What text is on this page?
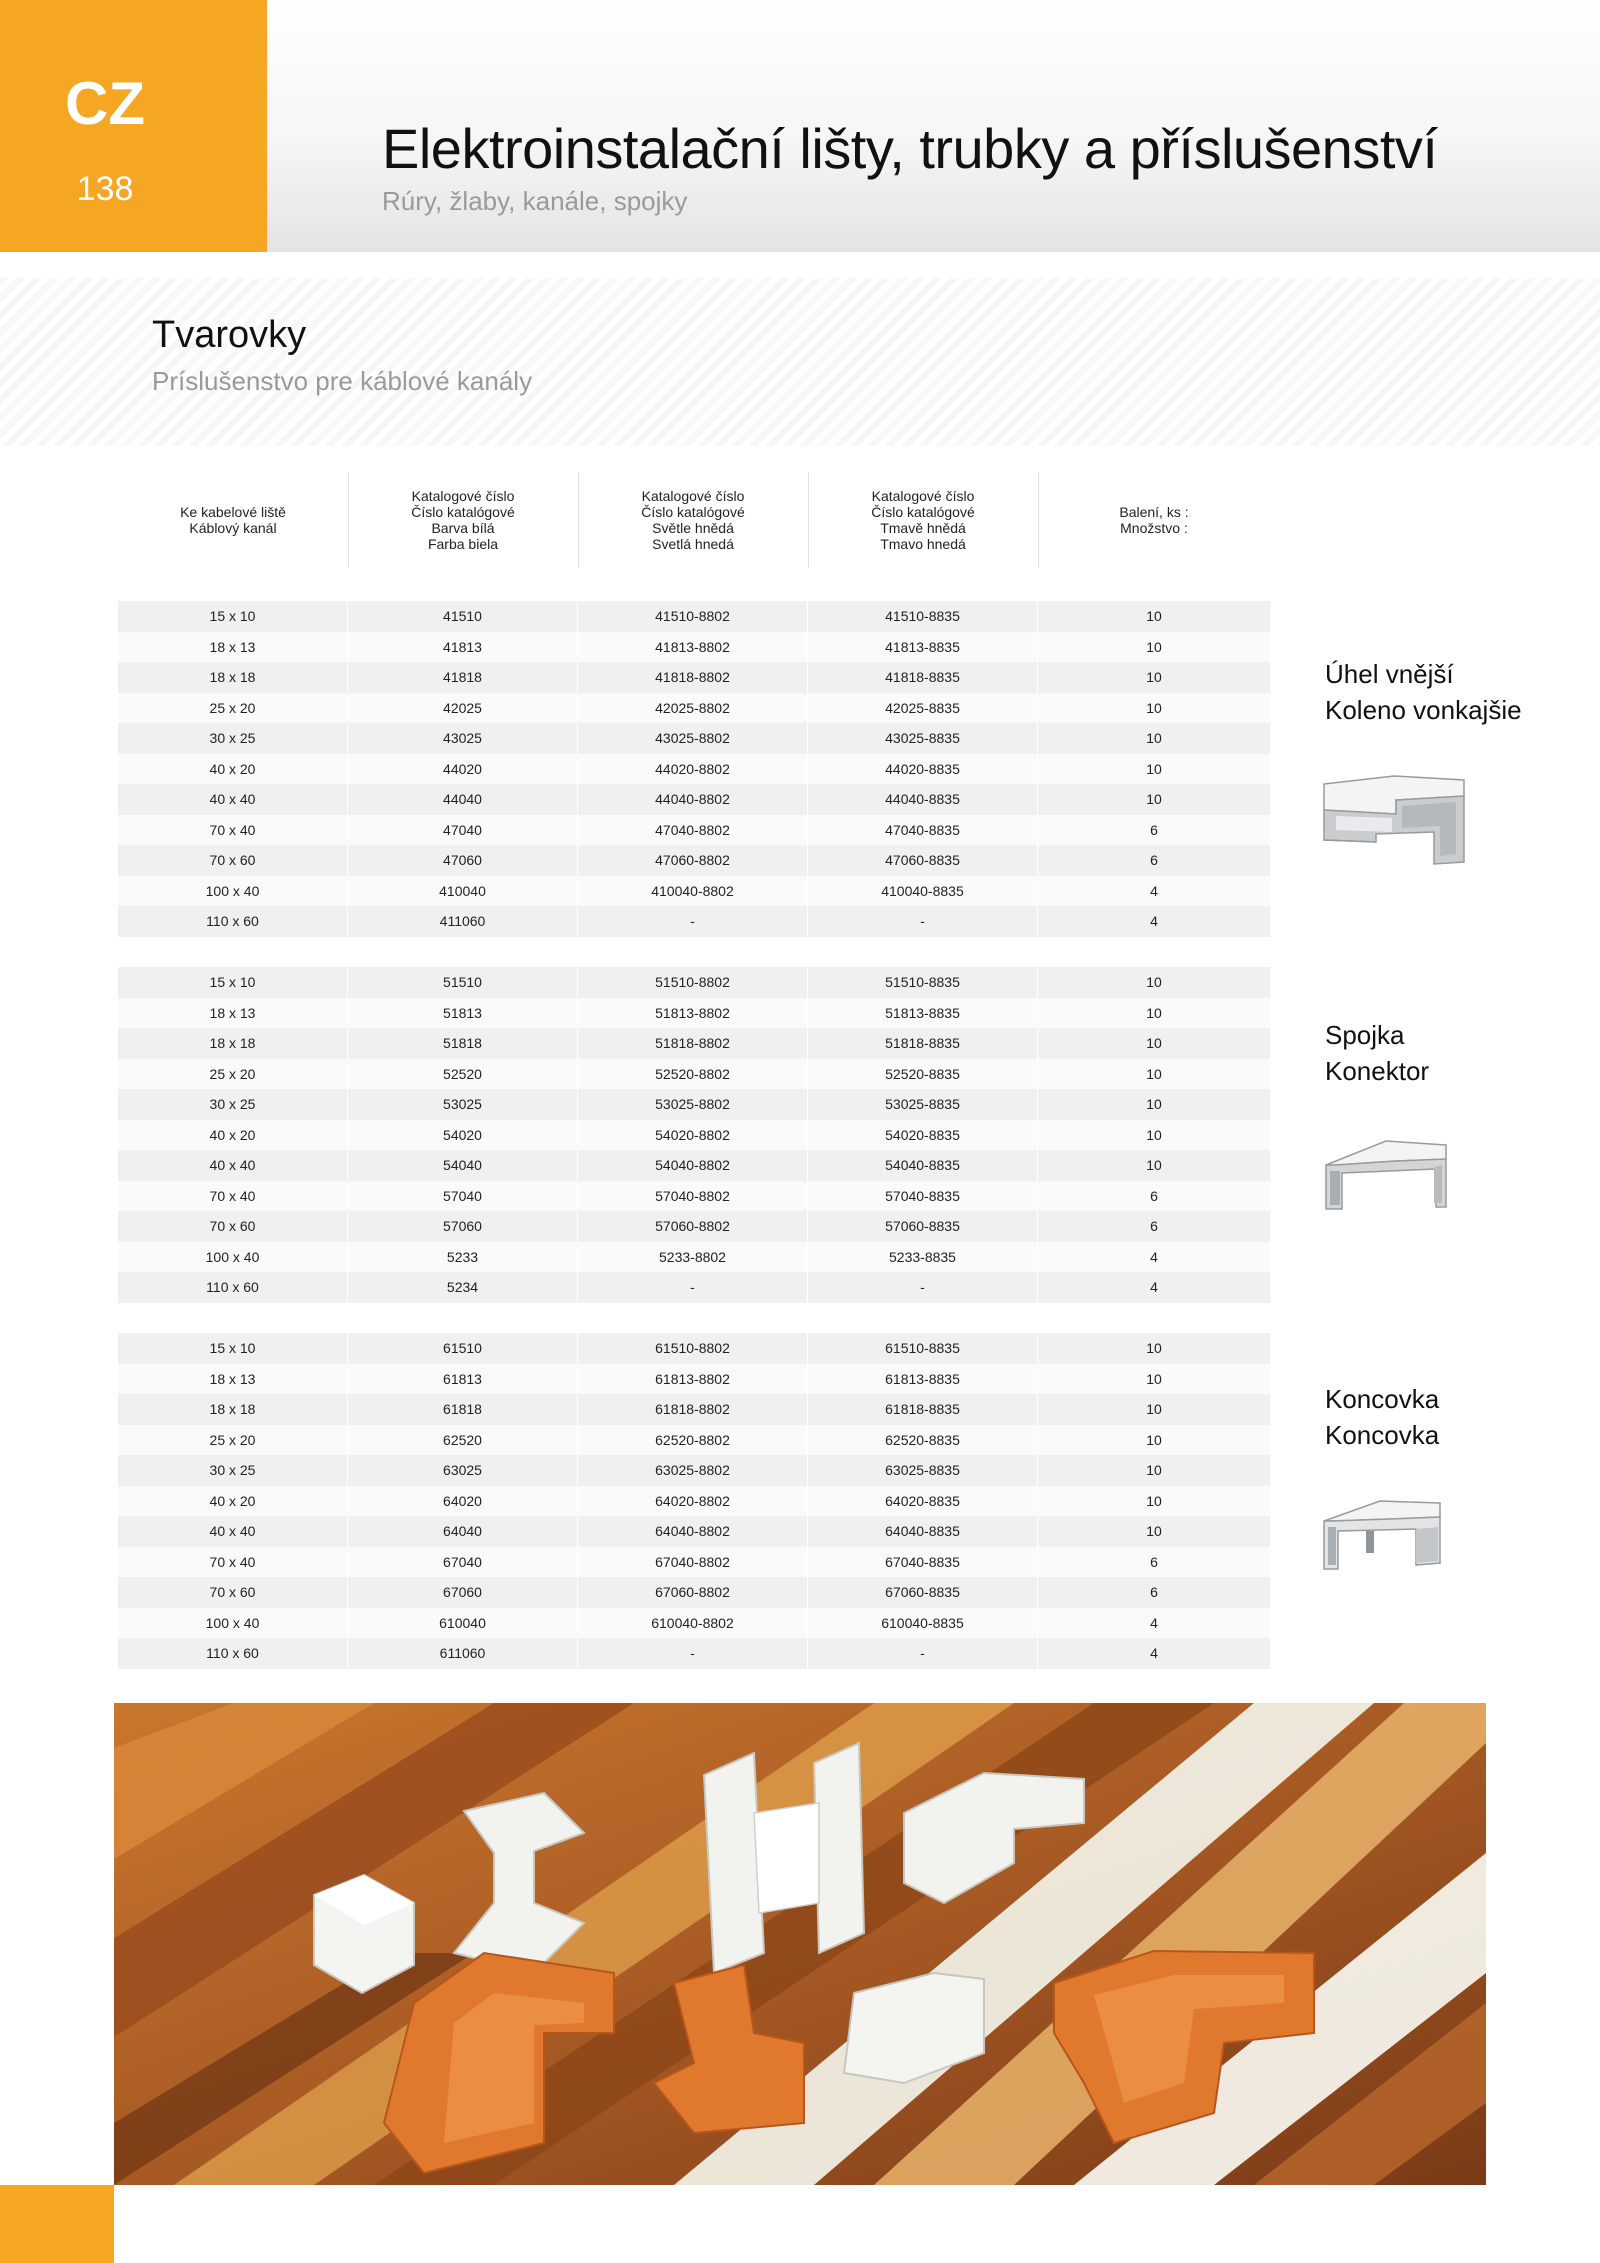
CZ
138
Elektroinstalační lišty, trubky a příslušenství
Rúry, žlaby, kanále, spojky
Tvarovky
Príslušenstvo pre káblové kanály
Ke kabelové liště
Káblový kanál
Katalogové číslo
Číslo katalógové
Barva bílá
Farba biela
Katalogové číslo
Číslo katalógové
Světle hnědá
Svetlá hnedá
Katalogové číslo
Číslo katalógové
Tmavě hnědá
Tmavo hnedá
Balení, ks :
Množstvo :
15 x 10	41510	41510-8802	41510-8835	10
18 x 13	41813	41813-8802	41813-8835	10
18 x 18	41818	41818-8802	41818-8835	10
25 x 20	42025	42025-8802	42025-8835	10
30 x 25	43025	43025-8802	43025-8835	10
40 x 20	44020	44020-8802	44020-8835	10
40 x 40	44040	44040-8802	44040-8835	10
70 x 40	47040	47040-8802	47040-8835	6
70 x 60	47060	47060-8802	47060-8835	6
100 x 40	410040	410040-8802	410040-8835	4
110 x 60	411060	-	-	4
15 x 10	51510	51510-8802	51510-8835	10
18 x 13	51813	51813-8802	51813-8835	10
18 x 18	51818	51818-8802	51818-8835	10
25 x 20	52520	52520-8802	52520-8835	10
30 x 25	53025	53025-8802	53025-8835	10
40 x 20	54020	54020-8802	54020-8835	10
40 x 40	54040	54040-8802	54040-8835	10
70 x 40	57040	57040-8802	57040-8835	6
70 x 60	57060	57060-8802	57060-8835	6
100 x 40	5233	5233-8802	5233-8835	4
110 x 60	5234	-	-	4
15 x 10	61510	61510-8802	61510-8835	10
18 x 13	61813	61813-8802	61813-8835	10
18 x 18	61818	61818-8802	61818-8835	10
25 x 20	62520	62520-8802	62520-8835	10
30 x 25	63025	63025-8802	63025-8835	10
40 x 20	64020	64020-8802	64020-8835	10
40 x 40	64040	64040-8802	64040-8835	10
70 x 40	67040	67040-8802	67040-8835	6
70 x 60	67060	67060-8802	67060-8835	6
100 x 40	610040	610040-8802	610040-8835	4
110 x 60	611060	-	-	4
Úhel vnější
Koleno vonkajšie
Spojka
Konektor
Koncovka
Koncovka
